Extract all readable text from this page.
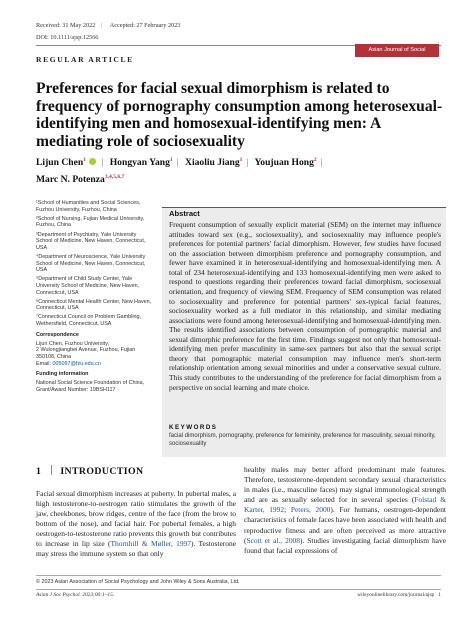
Received: 31 May 2022 | Accepted: 27 February 2023
DOI: 10.1111/ajsp.12566
Asian Journal of Social Psychology
REGULAR ARTICLE
Preferences for facial sexual dimorphism is related to frequency of pornography consumption among heterosexual-identifying men and homosexual-identifying men: A mediating role of sociosexuality
Lijun Chen$^1$ | Hongyan Yang$^1$ | Xiaoliu Jiang$^1$ | Youjuan Hong$^2$ |
Marc N. Potenza$^{3,4,5,6,7}$

¹School of Humanities and Social Sciences, Fuzhou University, Fuzhou, China

²School of Nursing, Fujian Medical University, Fuzhou, China

³Department of Psychiatry, Yale University School of Medicine, New Haven, Connecticut, USA

⁴Department of Neuroscience, Yale University School of Medicine, New Haven, Connecticut, USA

⁵Department of Child Study Center, Yale University School of Medicine, New Haven, Connecticut, USA

⁶Connecticut Mental Health Center, New Haven, Connecticut, USA

⁷Connecticut Council on Problem Gambling, Wethersfield, Connecticut, USA

Correspondence

Lijun Chen, Fuzhou University,

2 Wulongjiangbei Avenue, Fuzhou, Fujian

350108, China

Email: 005097@fzu.edu.cn

Funding information

National Social Science Foundation of China, Grant/Award Number: 19BSH117

Abstract
Frequent consumption of sexually explicit material (SEM) on the internet may influence attitudes toward sex (e.g., sociosexuality), and sociosexuality may influence people's preferences for potential partners' facial dimorphism. However, few studies have focused on the association between dimorphism preference and pornography consumption, and fewer have examined it in heterosexual-identifying and homosexual-identifying men. A total of 234 heterosexual-identifying and 133 homosexual-identifying men were asked to respond to questions regarding their preferences toward facial dimorphism, sociosexual orientation, and frequency of viewing SEM. Frequency of SEM consumption was related to sociosexuality and preference for potential partners' sex-typical facial features, sociosexuality worked as a full mediator in this relationship, and similar mediating associations were found among heterosexual-identifying and homosexual-identifying men. The results identified associations between consumption of pornographic material and sexual dimorphic preference for the first time. Findings suggest not only that homosexual-identifying men prefer masculinity in same-sex partners but also that the sexual script theory that pornographic material consumption may influence men's short-term relationship orientation among sexual minorities and under a conservative sexual culture. This study contributes to the understanding of the preference for facial dimorphism from a perspective on social learning and mate choice.
KEYWORDS
facial dimorphism, pornography, preference for femininity, preference for masculinity, sexual minority, sociosexuality
1 INTRODUCTION
Facial sexual dimorphism increases at puberty. In pubertal males, a high testosterone-to-oestrogen ratio stimulates the growth of the jaw, cheekbones, brow ridges, centre of the face (from the brow to bottom of the nose), and facial hair. For pubertal females, a high oestrogen-to-testosterone ratio prevents this growth but contributes to increase in lip size (Thornhill & Møller, 1997). Testosterone may stress the immune system so that only
healthy males may better afford predominant male features. Therefore, testosterone-dependent secondary sexual characteristics in males (i.e., masculine faces) may signal immunological strength and are as sexually selected for in several species (Folstad & Karter, 1992; Peters, 2000). For humans, oestrogen-dependent characteristics of female faces have been associated with health and reproductive fitness and are often perceived as more attractive (Scott et al., 2008). Studies investigating facial dimorphism have found that facial expressions of
© 2023 Asian Association of Social Psychology and John Wiley & Sons Australia, Ltd.
Asian J Soc Psychol. 2023;00:1–15.	wileyonlinelibrary.com/journal/ajsp 1
